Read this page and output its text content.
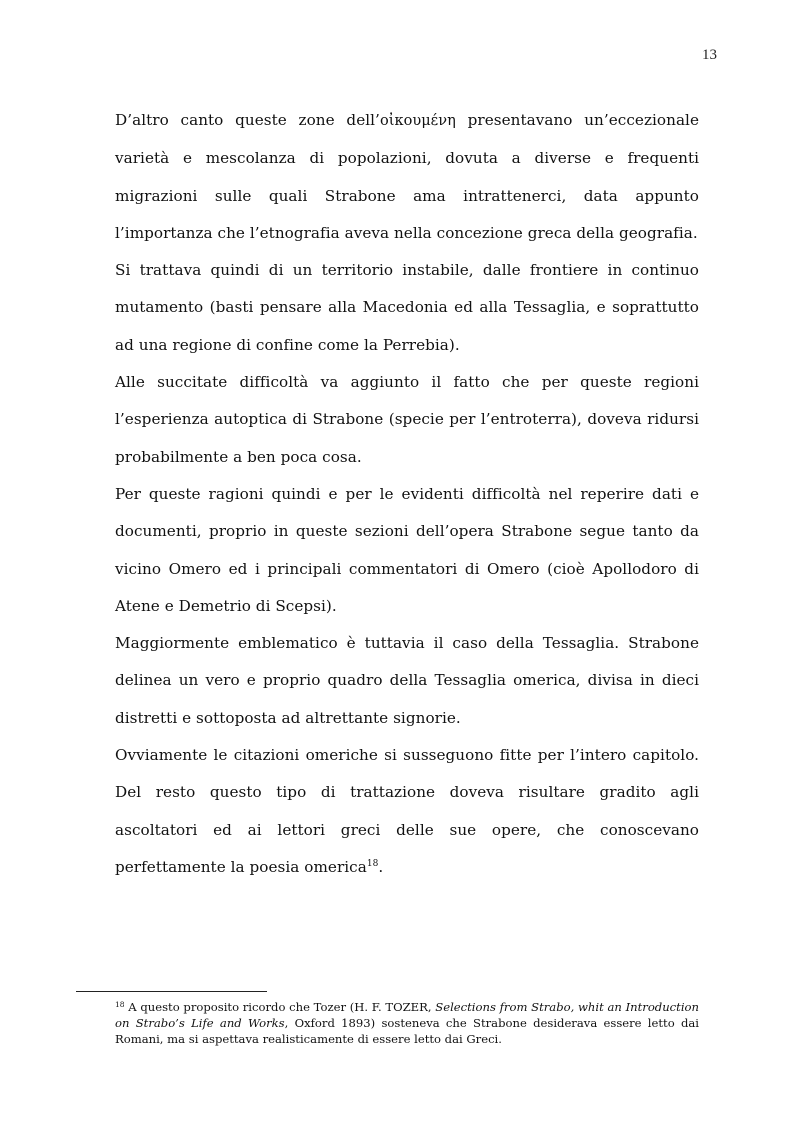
13

D’altro canto queste zone dell’οἰκουμένη presentavano un’eccezionale varietà e mescolanza di popolazioni, dovuta a diverse e frequenti migrazioni sulle quali Strabone ama intrattenerci, data appunto l’importanza che l’etnografia aveva nella concezione greca della geografia.

Si trattava quindi di un territorio instabile, dalle frontiere in continuo mutamento (basti pensare alla Macedonia ed alla Tessaglia, e soprattutto ad una regione di confine come la Perrebia).

Alle succitate difficoltà va aggiunto il fatto che per queste regioni l’esperienza autoptica di Strabone (specie per l’entroterra), doveva ridursi probabilmente a ben poca cosa.

Per queste ragioni quindi e per le evidenti difficoltà nel reperire dati e documenti, proprio in queste sezioni dell’opera Strabone segue tanto da vicino Omero ed i principali commentatori di Omero (cioè Apollodoro di Atene e Demetrio di Scepsi).

Maggiormente emblematico è tuttavia il caso della Tessaglia. Strabone delinea un vero e proprio quadro della Tessaglia omerica, divisa in dieci distretti e sottoposta ad altrettante signorie.

Ovviamente le citazioni omeriche si susseguono fitte per l’intero capitolo. Del resto questo tipo di trattazione doveva risultare gradito agli ascoltatori ed ai lettori greci delle sue opere, che conoscevano perfettamente la poesia omerica$^{18}$.

$^{18}$ A questo proposito ricordo che Tozer (H. F. TOZER, Selections from Strabo, whit an Introduction on Strabo’s Life and Works, Oxford 1893) sosteneva che Strabone desiderava essere letto dai Romani, ma si aspettava realisticamente di essere letto dai Greci.
